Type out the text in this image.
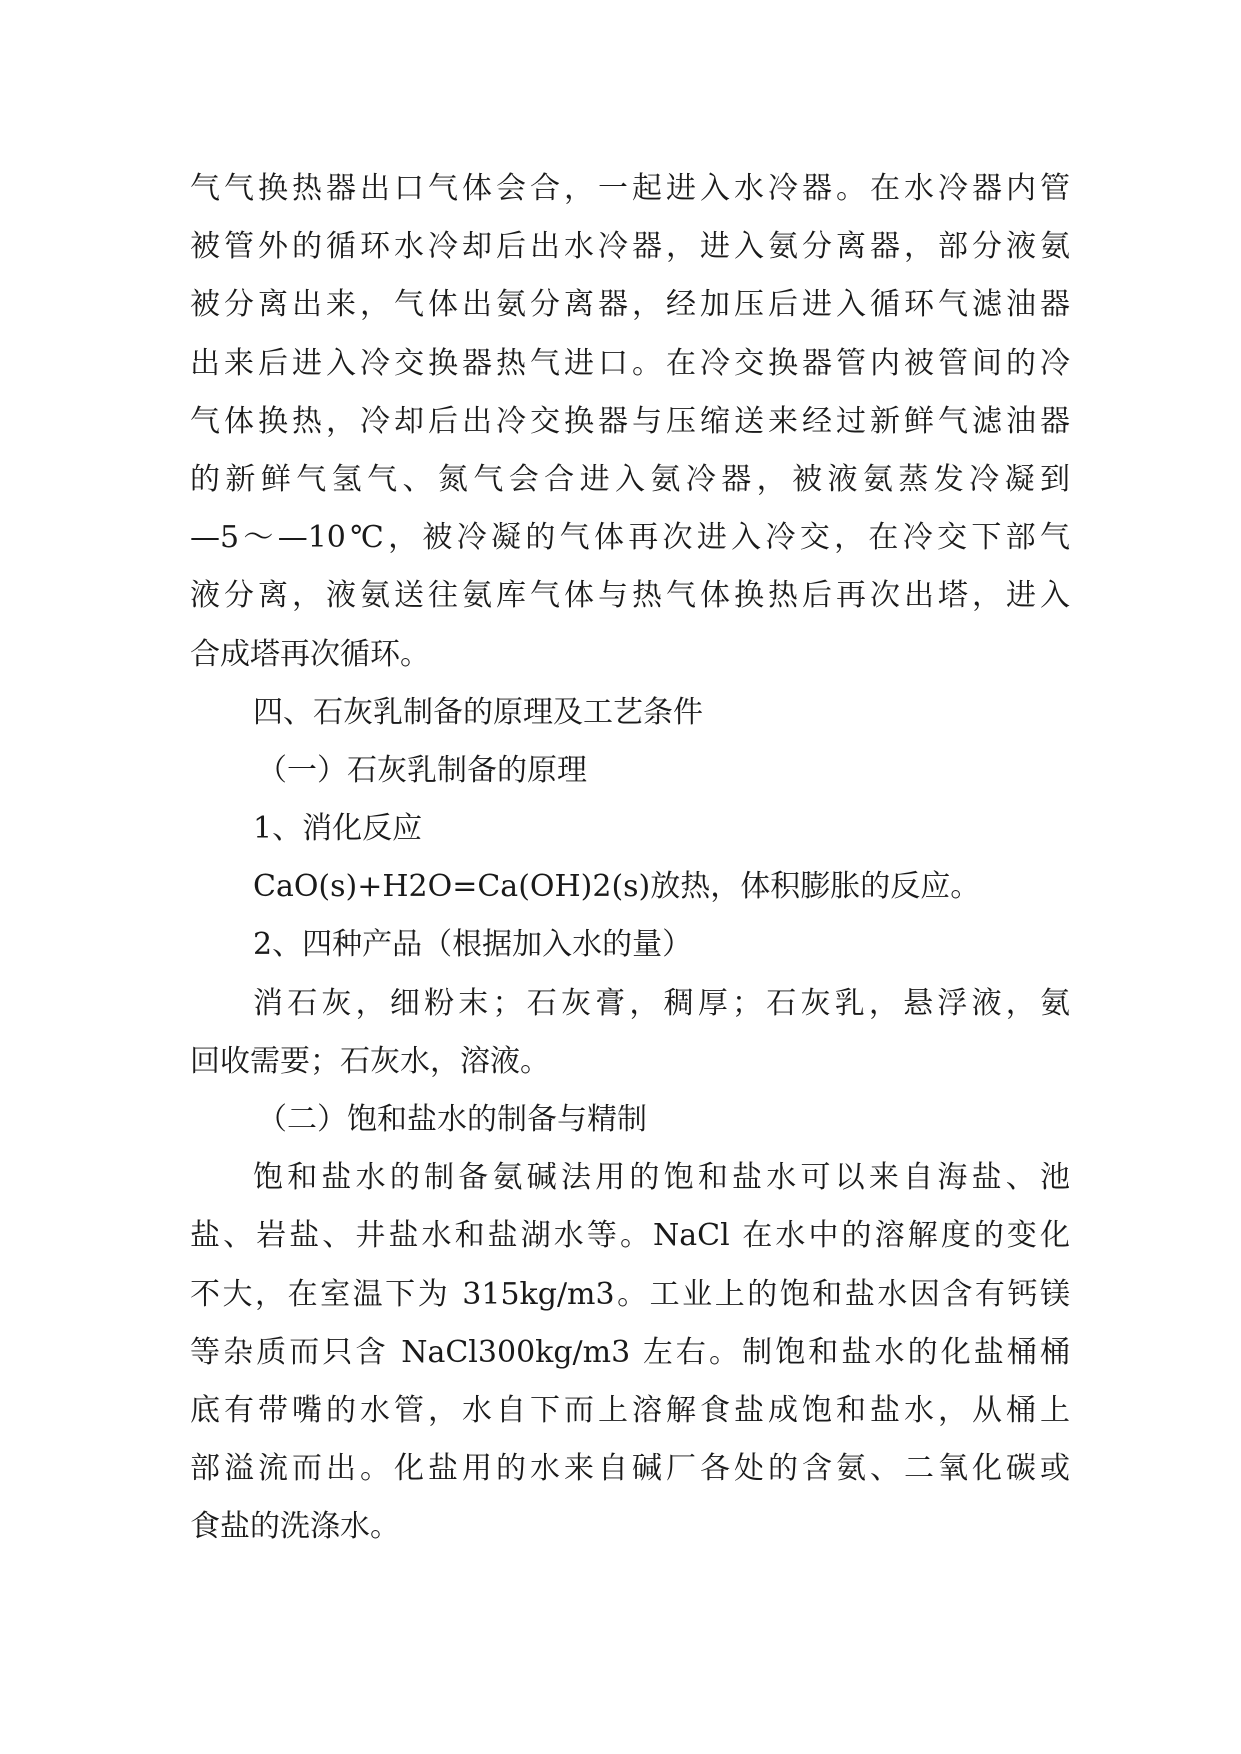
气气换热器出口气体会合，一起进入水冷器。在水冷器内管
被管外的循环水冷却后出水冷器，进入氨分离器，部分液氨
被分离出来，气体出氨分离器，经加压后进入循环气滤油器
出来后进入冷交换器热气进口。在冷交换器管内被管间的冷
气体换热，冷却后出冷交换器与压缩送来经过新鲜气滤油器
的新鲜气氢气、氮气会合进入氨冷器，被液氨蒸发冷凝到
—5～—10℃，被冷凝的气体再次进入冷交，在冷交下部气
液分离，液氨送往氨库气体与热气体换热后再次出塔，进入
合成塔再次循环。
四、石灰乳制备的原理及工艺条件
（一）石灰乳制备的原理
1、消化反应
CaO(s)+H2O=Ca(OH)2(s)放热，体积膨胀的反应。
2、四种产品（根据加入水的量）
消石灰，细粉末；石灰膏，稠厚；石灰乳，悬浮液，氨
回收需要；石灰水，溶液。
（二）饱和盐水的制备与精制
饱和盐水的制备氨碱法用的饱和盐水可以来自海盐、池
盐、岩盐、井盐水和盐湖水等。NaCl 在水中的溶解度的变化
不大，在室温下为 315kg/m3。工业上的饱和盐水因含有钙镁
等杂质而只含 NaCl300kg/m3 左右。制饱和盐水的化盐桶桶
底有带嘴的水管，水自下而上溶解食盐成饱和盐水，从桶上
部溢流而出。化盐用的水来自碱厂各处的含氨、二氧化碳或
食盐的洗涤水。
